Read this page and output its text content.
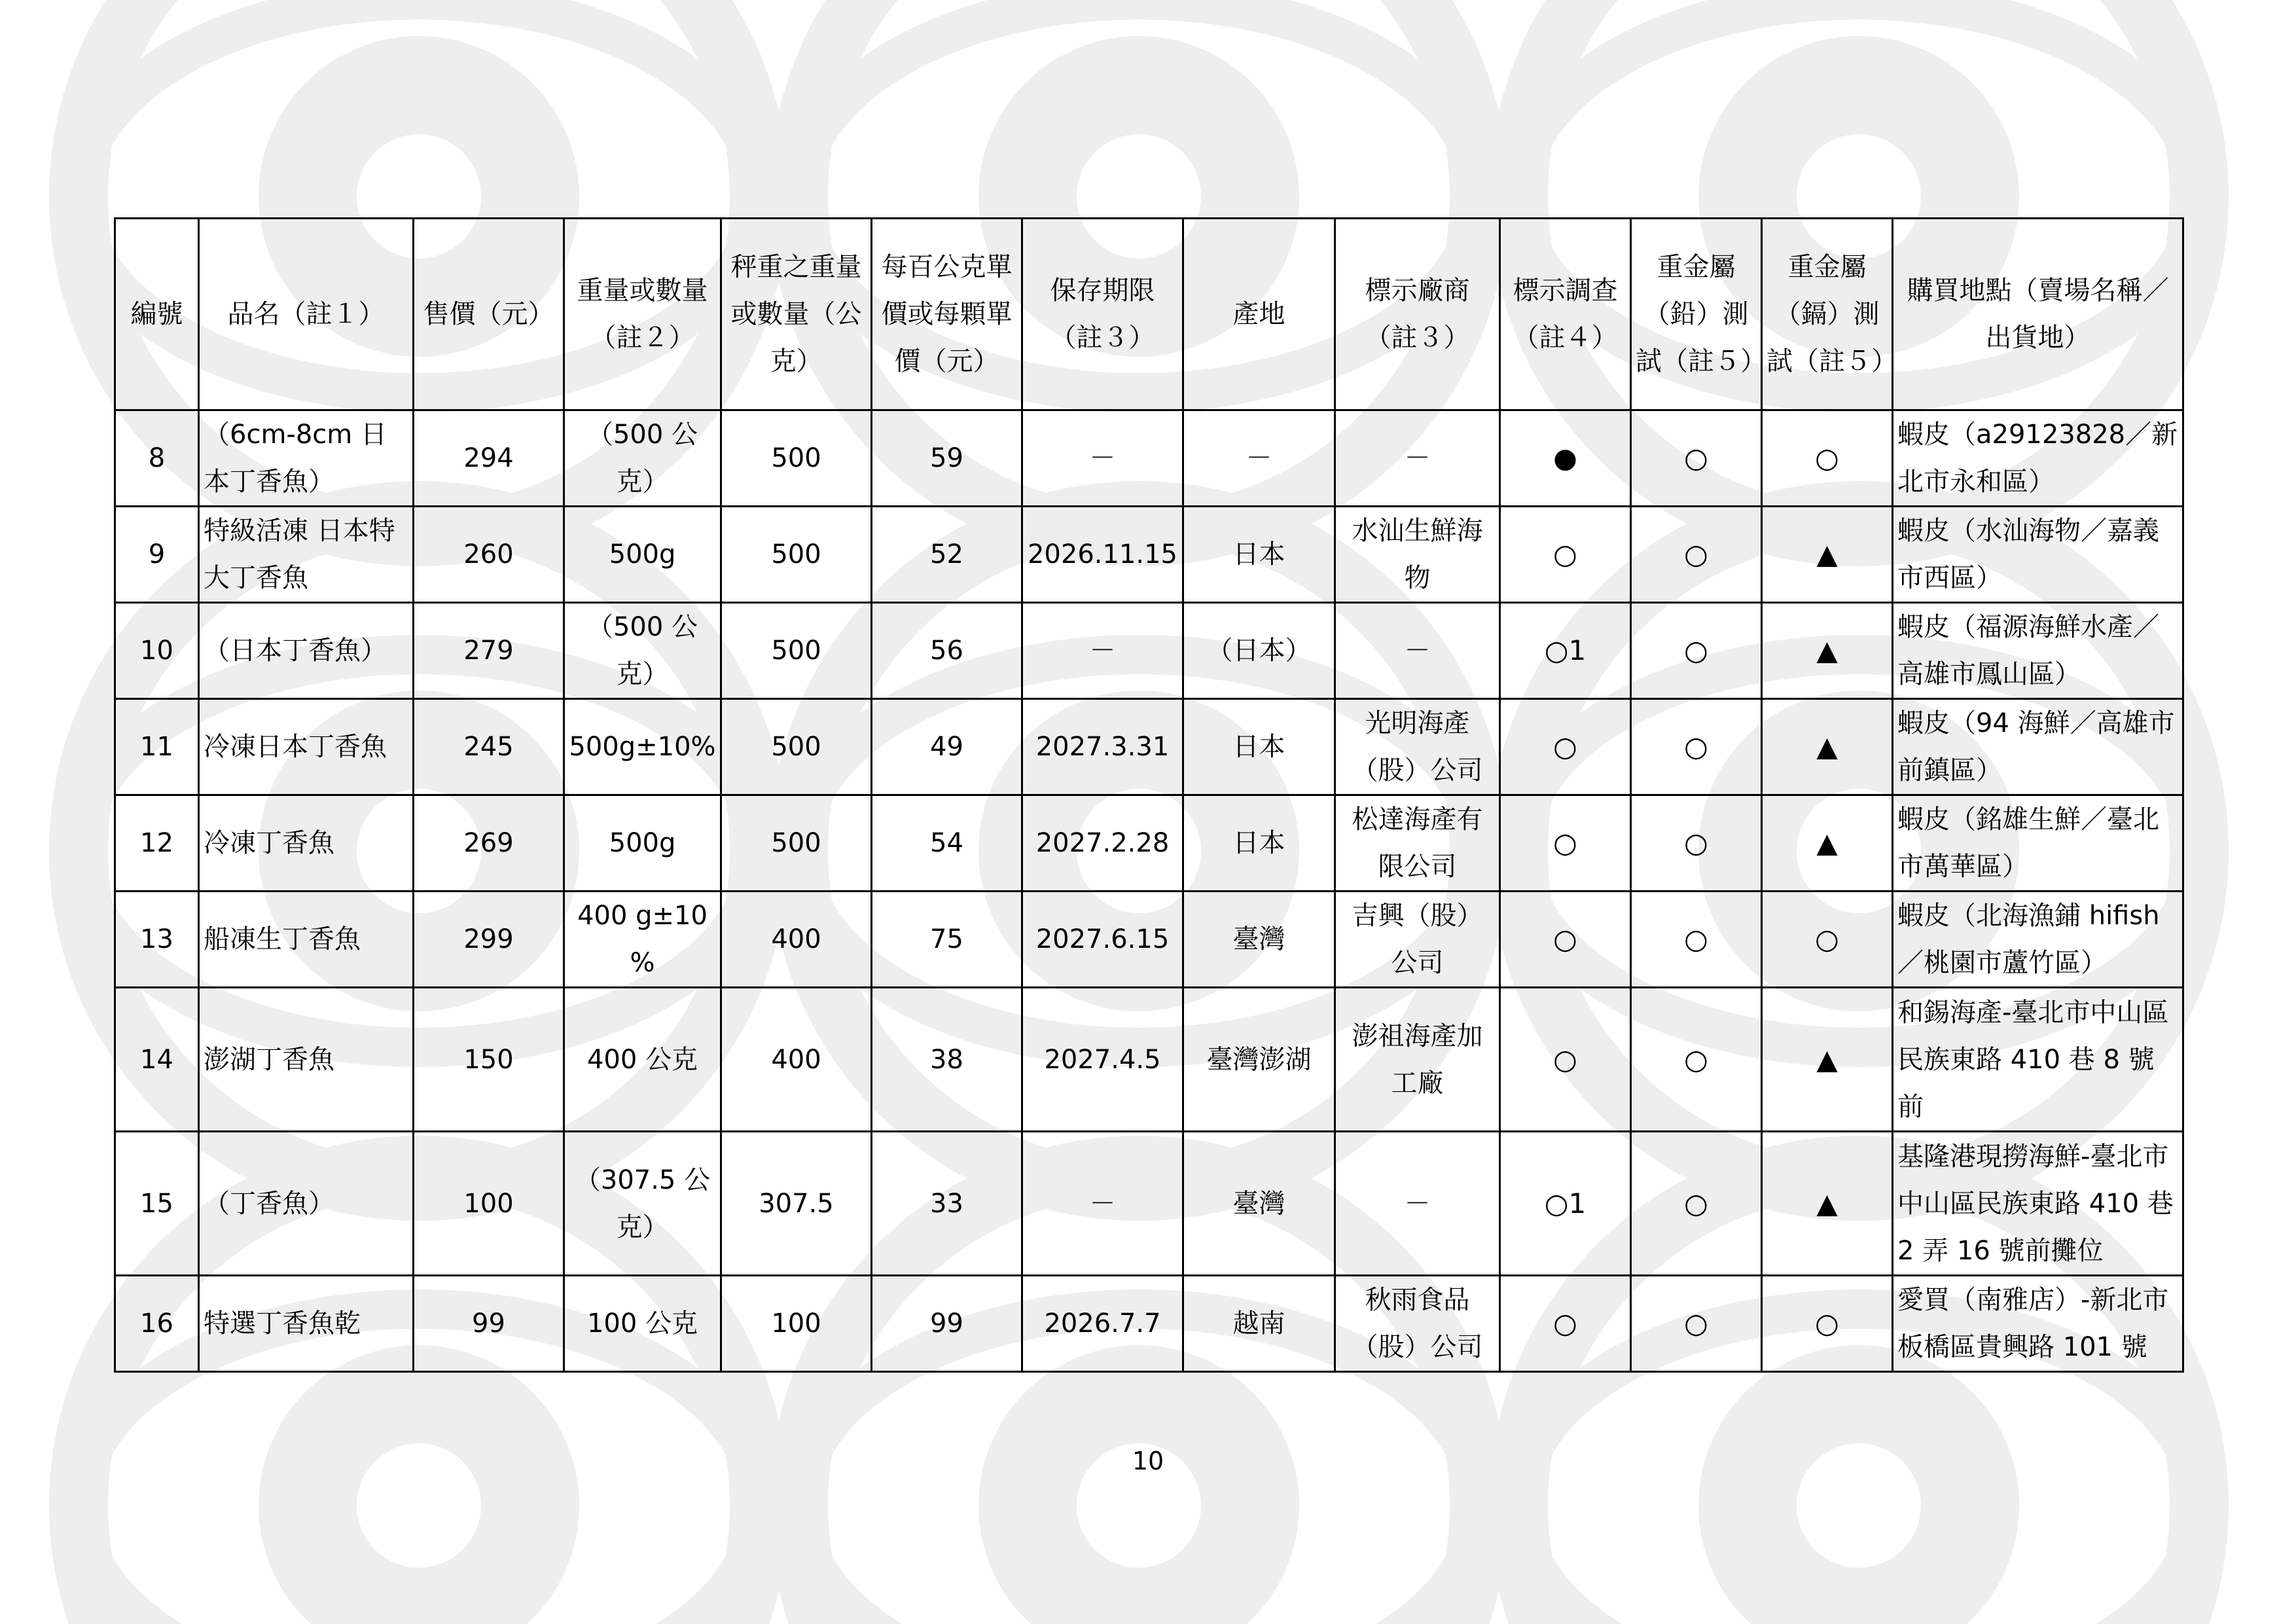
編號	品名（註１）	售價（元）	重量或數量（註２）	秤重之重量或數量（公克）	每百公克單價或每顆單價（元）	保存期限（註３）	產地	標示廠商（註３）	標示調查（註４）	重金屬（鉛）測試（註５）	重金屬（鎘）測試（註５）	購買地點（賣場名稱／出貨地）
8	（6cm-8cm 日本丁香魚）	294	（500 公克）	500	59	－	－	－	●	○	○	蝦皮（a29123828／新北市永和區）
9	特級活凍 日本特大丁香魚	260	500g	500	52	2026.11.15	日本	水汕生鮮海物	○	○	▲	蝦皮（水汕海物／嘉義市西區）
10	（日本丁香魚）	279	（500 公克）	500	56	－	（日本）	－	○1	○	▲	蝦皮（福源海鮮水產／高雄市鳳山區）
11	冷凍日本丁香魚	245	500g±10%	500	49	2027.3.31	日本	光明海產（股）公司	○	○	▲	蝦皮（94 海鮮／高雄市前鎮區）
12	冷凍丁香魚	269	500g	500	54	2027.2.28	日本	松達海產有限公司	○	○	▲	蝦皮（銘雄生鮮／臺北市萬華區）
13	船凍生丁香魚	299	400 g±10 %	400	75	2027.6.15	臺灣	吉興（股）公司	○	○	○	蝦皮（北海漁鋪 hifish／桃園市蘆竹區）
14	澎湖丁香魚	150	400 公克	400	38	2027.4.5	臺灣澎湖	澎祖海產加工廠	○	○	▲	和錫海產-臺北市中山區民族東路 410 巷 8 號前
15	（丁香魚）	100	（307.5 公克）	307.5	33	－	臺灣	－	○1	○	▲	基隆港現撈海鮮-臺北市中山區民族東路 410 巷 2 弄 16 號前攤位
16	特選丁香魚乾	99	100 公克	100	99	2026.7.7	越南	秋雨食品（股）公司	○	○	○	愛買（南雅店）-新北市板橋區貴興路 101 號
10
